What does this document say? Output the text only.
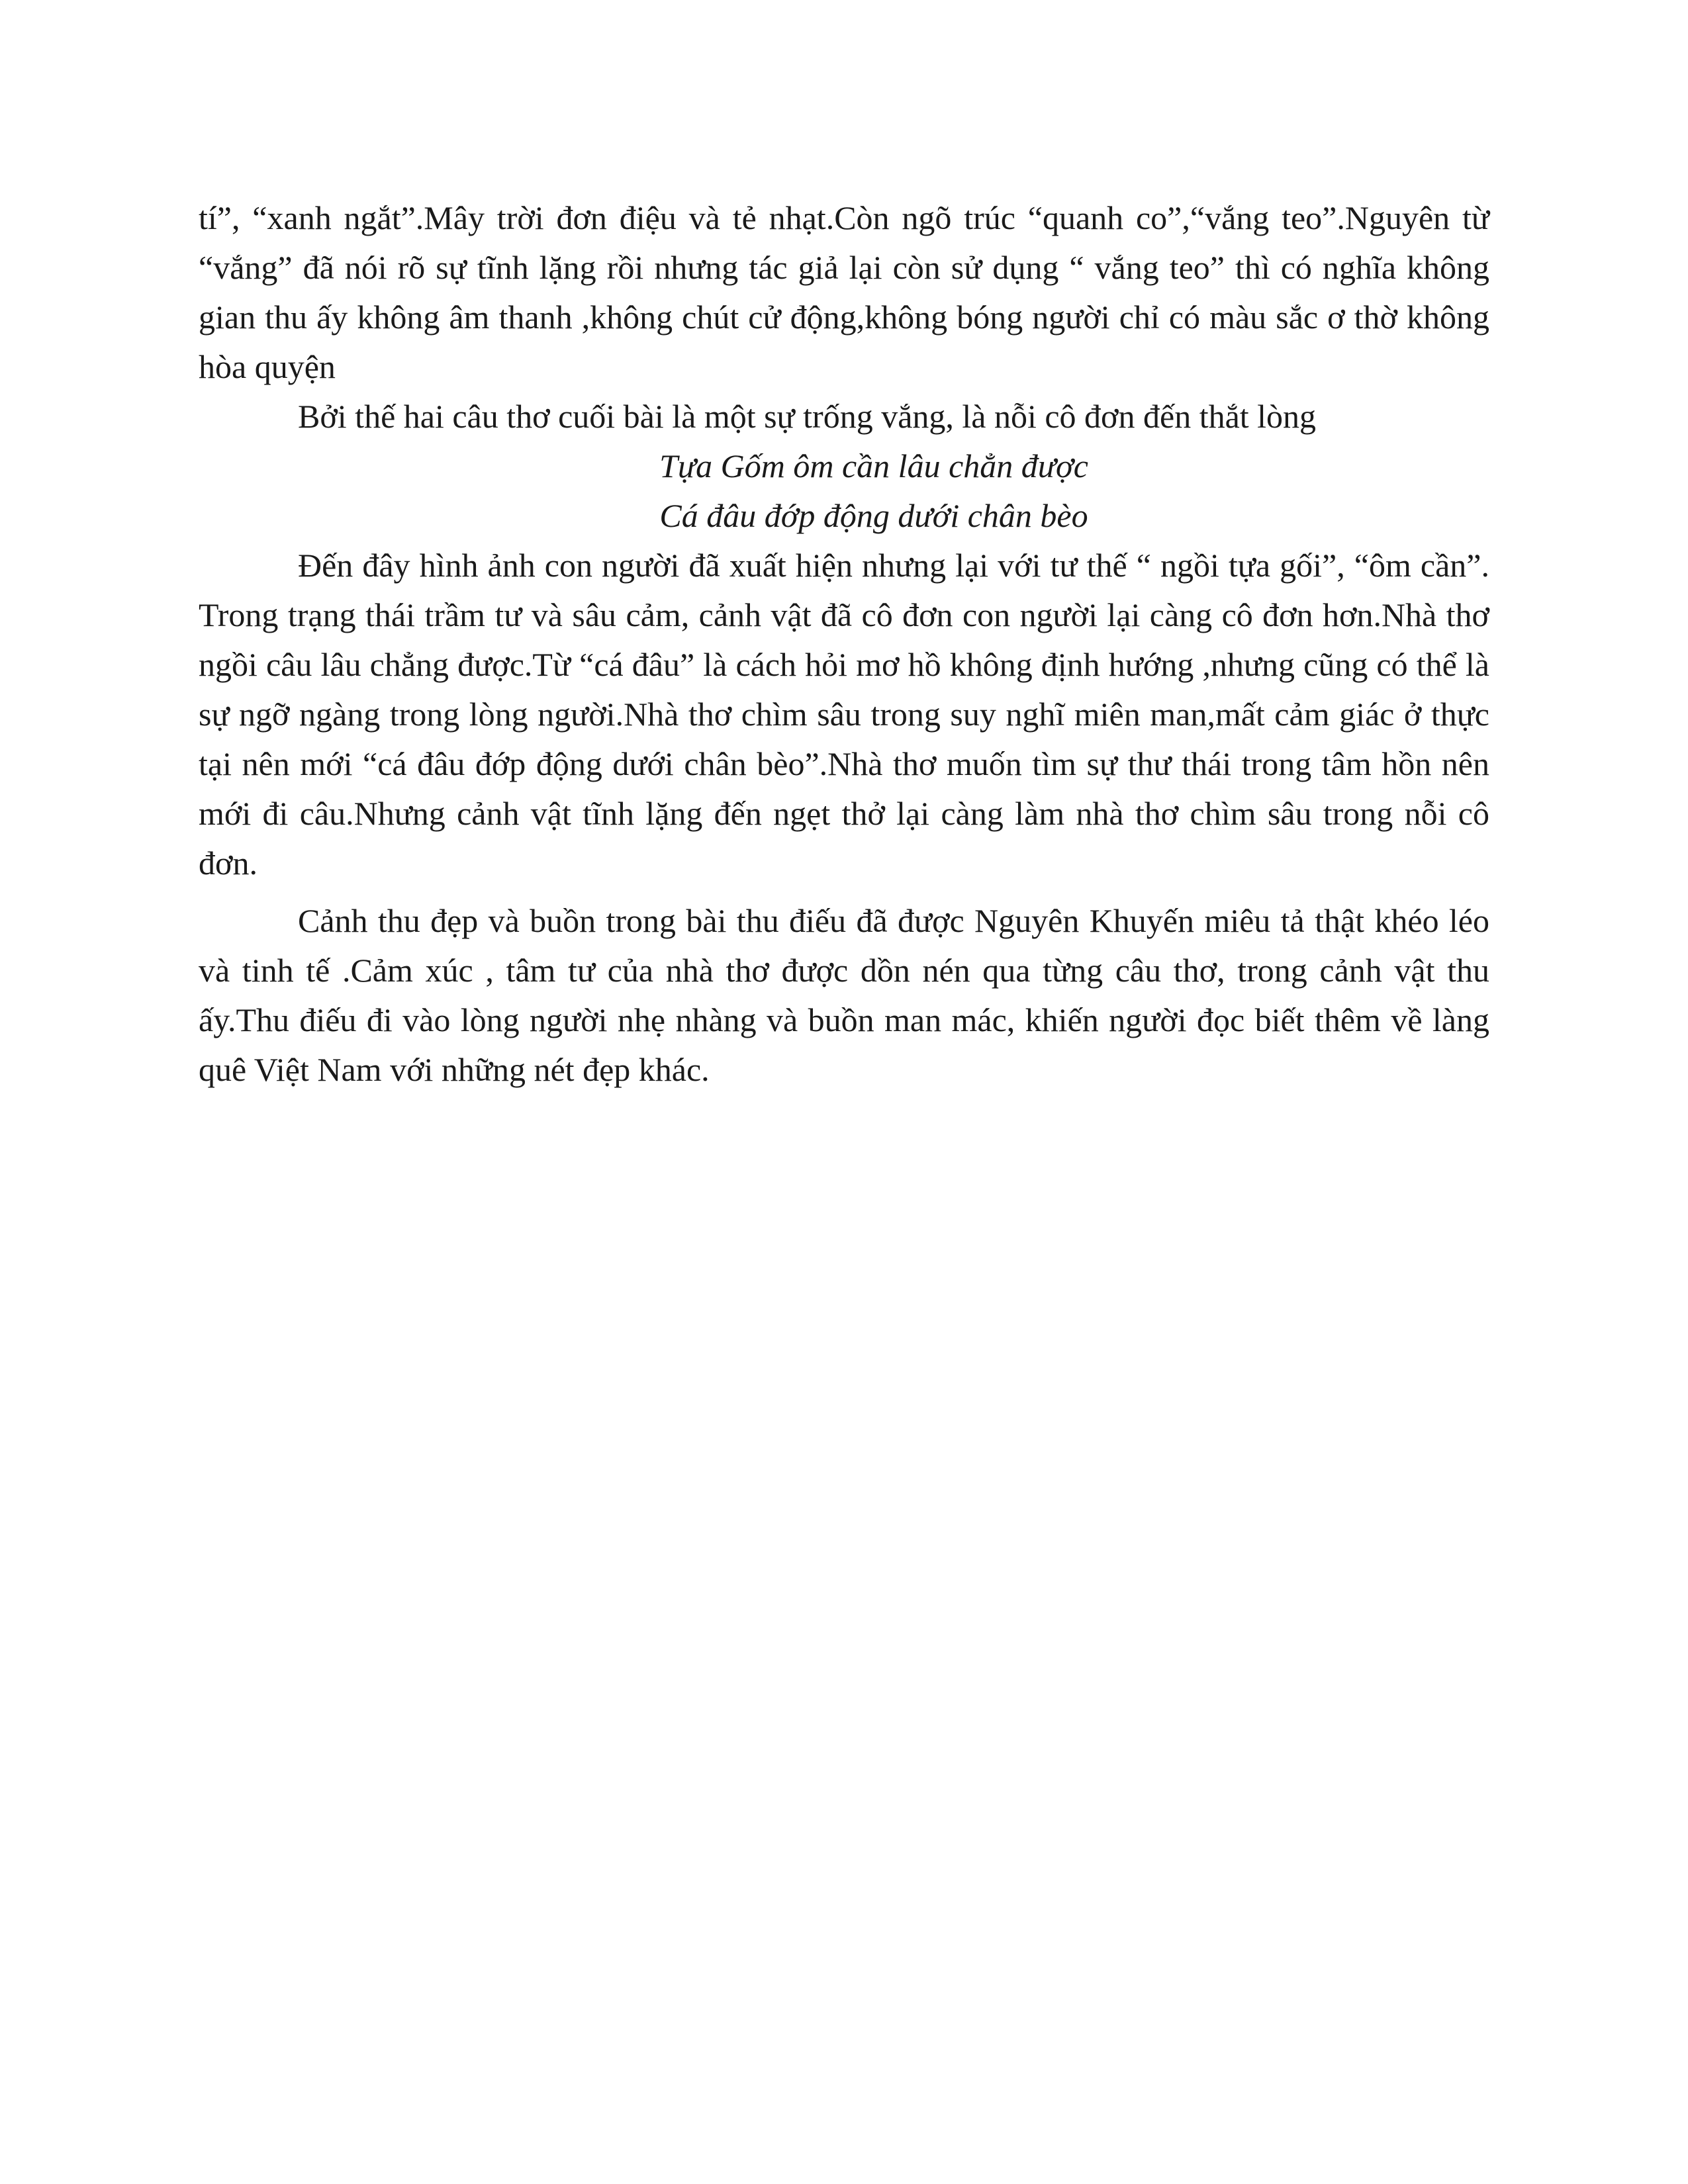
tí”, “xanh ngắt”.Mây trời đơn điệu và tẻ nhạt.Còn ngõ trúc “quanh co”,“vắng teo”.Nguyên từ “vắng” đã nói rõ sự tĩnh lặng rồi nhưng tác giả lại còn sử dụng “ vắng teo” thì có nghĩa không gian thu ấy không âm thanh ,không chút cử động,không bóng người chỉ có màu sắc ơ thờ không hòa quyện

Bởi thế hai câu thơ cuối bài là một sự trống vắng, là nỗi cô đơn đến thắt lòng

Tựa Gốm ôm cần lâu chẳn được

Cá đâu đớp động dưới chân bèo

Đến đây hình ảnh con người đã xuất hiện nhưng lại với tư thế “ ngồi tựa gối”, “ôm cần”. Trong trạng thái trầm tư và sâu cảm, cảnh vật đã cô đơn con người lại càng cô đơn hơn.Nhà thơ ngồi câu lâu chẳng được.Từ “cá đâu” là cách hỏi mơ hồ không định hướng ,nhưng cũng có thể là sự ngỡ ngàng trong lòng người.Nhà thơ chìm sâu trong suy nghĩ miên man,mất cảm giác ở thực tại nên mới “cá đâu đớp động dưới chân bèo”.Nhà thơ muốn tìm sự thư thái trong tâm hồn nên mới đi câu.Nhưng cảnh vật tĩnh lặng đến ngẹt thở lại càng làm nhà thơ chìm sâu trong nỗi cô đơn.

Cảnh thu đẹp và buồn trong bài thu điếu đã được Nguyên Khuyến miêu tả thật khéo léo và tinh tế .Cảm xúc , tâm tư của nhà thơ được dồn nén qua từng câu thơ, trong cảnh vật thu ấy.Thu điếu đi vào lòng người nhẹ nhàng và buồn man mác, khiến người đọc biết thêm về làng quê Việt Nam với những nét đẹp khác.
